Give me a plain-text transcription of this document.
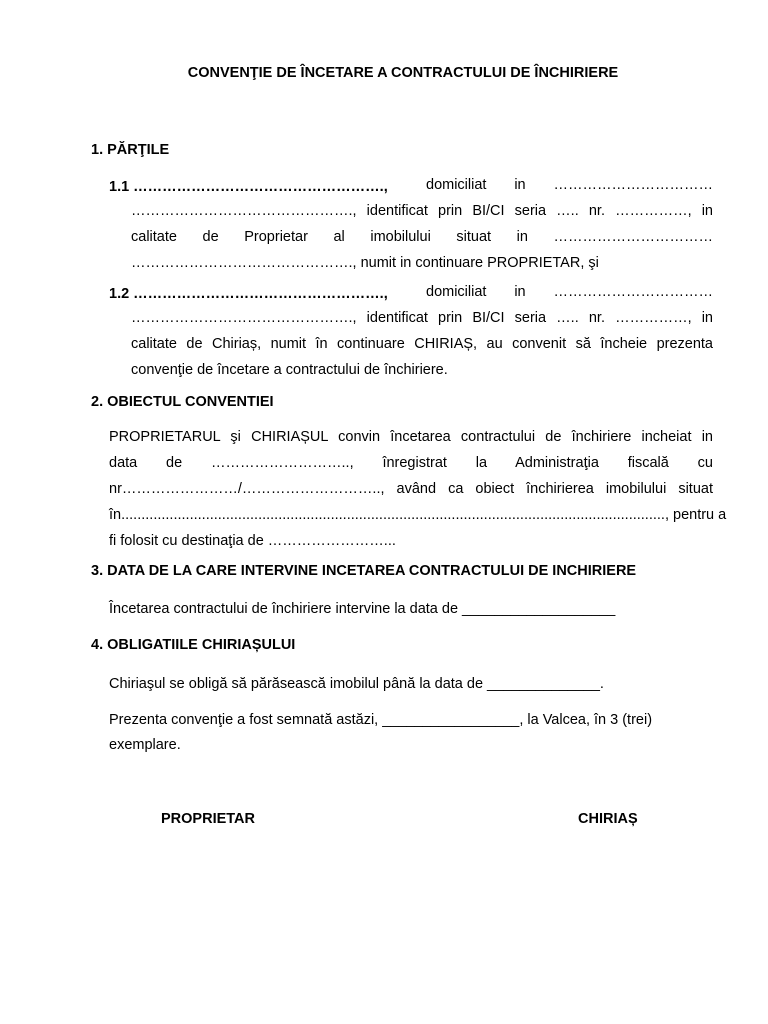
CONVENŢIE DE ÎNCETARE A CONTRACTULUI DE ÎNCHIRIERE
1. PĂRŢILE
1.1 …………………………………………….,	domiciliat in ……………………………
………………………………………., identificat prin BI/CI seria ….. nr. ……………, in
calitate de Proprietar al imobilului situat in ……………………………
………………………………………., numit in continuare PROPRIETAR, şi
1.2 …………………………………………….,	domiciliat in ……………………………
………………………………………., identificat prin BI/CI seria ….. nr. ……………, in
calitate de Chiriaș, numit în continuare CHIRIAȘ, au convenit să încheie prezenta
convenţie de încetare a contractului de închiriere.
2. OBIECTUL CONVENTIEI
PROPRIETARUL şi CHIRIAȘUL convin încetarea contractului de închiriere incheiat in
data de ……………………….., înregistrat la Administraţia fiscală cu
nr……………………/……………………….., având ca obiect închirierea imobilului situat
în......................................................................................................................................., pentru a
fi folosit cu destinaţia de ……………………...
3. DATA DE LA CARE INTERVINE INCETAREA CONTRACTULUI DE INCHIRIERE
Încetarea contractului de închiriere intervine la data de ___________________
4. OBLIGATIILE CHIRIAȘULUI
Chiriaşul se obligă să părăsească imobilul până la data de ______________.
Prezenta convenţie a fost semnată astăzi, _________________, la Valcea, în 3 (trei)
exemplare.
PROPRIETAR	CHIRIAȘ
